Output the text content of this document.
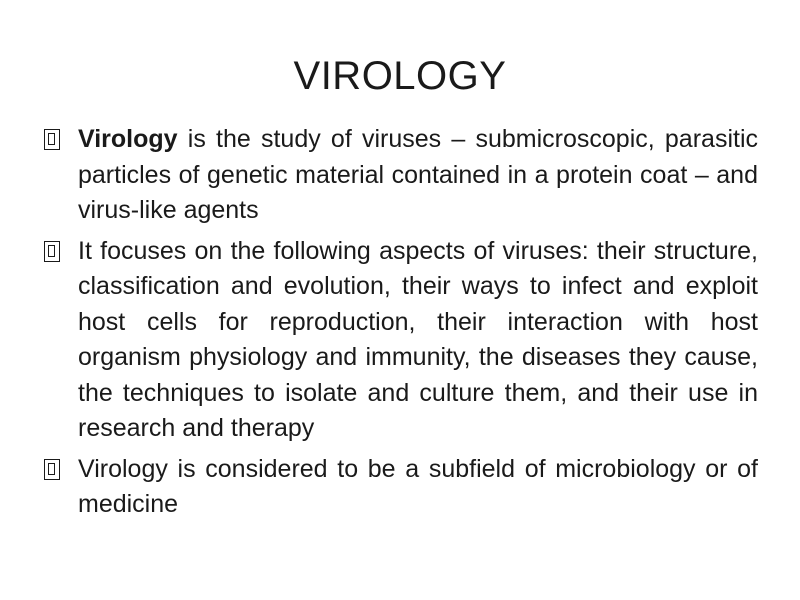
VIROLOGY
Virology is the study of viruses – submicroscopic, parasitic particles of genetic material contained in a protein coat – and virus-like agents
It focuses on the following aspects of viruses: their structure, classification and evolution, their ways to infect and exploit host cells for reproduction, their interaction with host organism physiology and immunity, the diseases they cause, the techniques to isolate and culture them, and their use in research and therapy
Virology is considered to be a subfield of microbiology or of medicine
